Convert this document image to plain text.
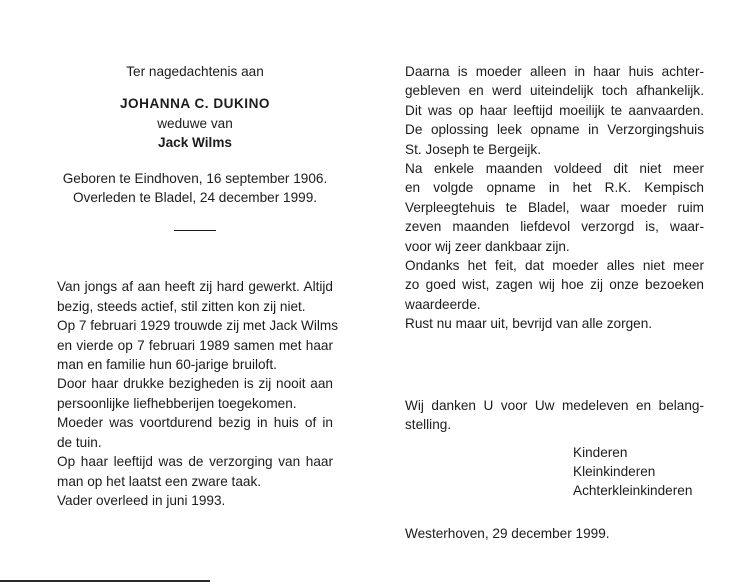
Ter nagedachtenis aan
JOHANNA C. DUKINO
weduwe van
Jack Wilms
Geboren te Eindhoven, 16 september 1906.
Overleden te Bladel, 24 december 1999.
Van jongs af aan heeft zij hard gewerkt. Altijd
bezig, steeds actief, stil zitten kon zij niet.
Op 7 februari 1929 trouwde zij met Jack Wilms
en vierde op 7 februari 1989 samen met haar
man en familie hun 60-jarige bruiloft.
Door haar drukke bezigheden is zij nooit aan
persoonlijke liefhebberijen toegekomen.
Moeder was voortdurend bezig in huis of in
de tuin.
Op haar leeftijd was de verzorging van haar
man op het laatst een zware taak.
Vader overleed in juni 1993.
Daarna is moeder alleen in haar huis achter-
gebleven en werd uiteindelijk toch afhankelijk.
Dit was op haar leeftijd moeilijk te aanvaarden.
De oplossing leek opname in Verzorgingshuis
St. Joseph te Bergeijk.
Na enkele maanden voldeed dit niet meer
en volgde opname in het R.K. Kempisch
Verpleegtehuis te Bladel, waar moeder ruim
zeven maanden liefdevol verzorgd is, waar-
voor wij zeer dankbaar zijn.
Ondanks het feit, dat moeder alles niet meer
zo goed wist, zagen wij hoe zij onze bezoeken
waardeerde.
Rust nu maar uit, bevrijd van alle zorgen.
Wij danken U voor Uw medeleven en belang-
stelling.
Kinderen
Kleinkinderen
Achterkleinkinderen
Westerhoven, 29 december 1999.
